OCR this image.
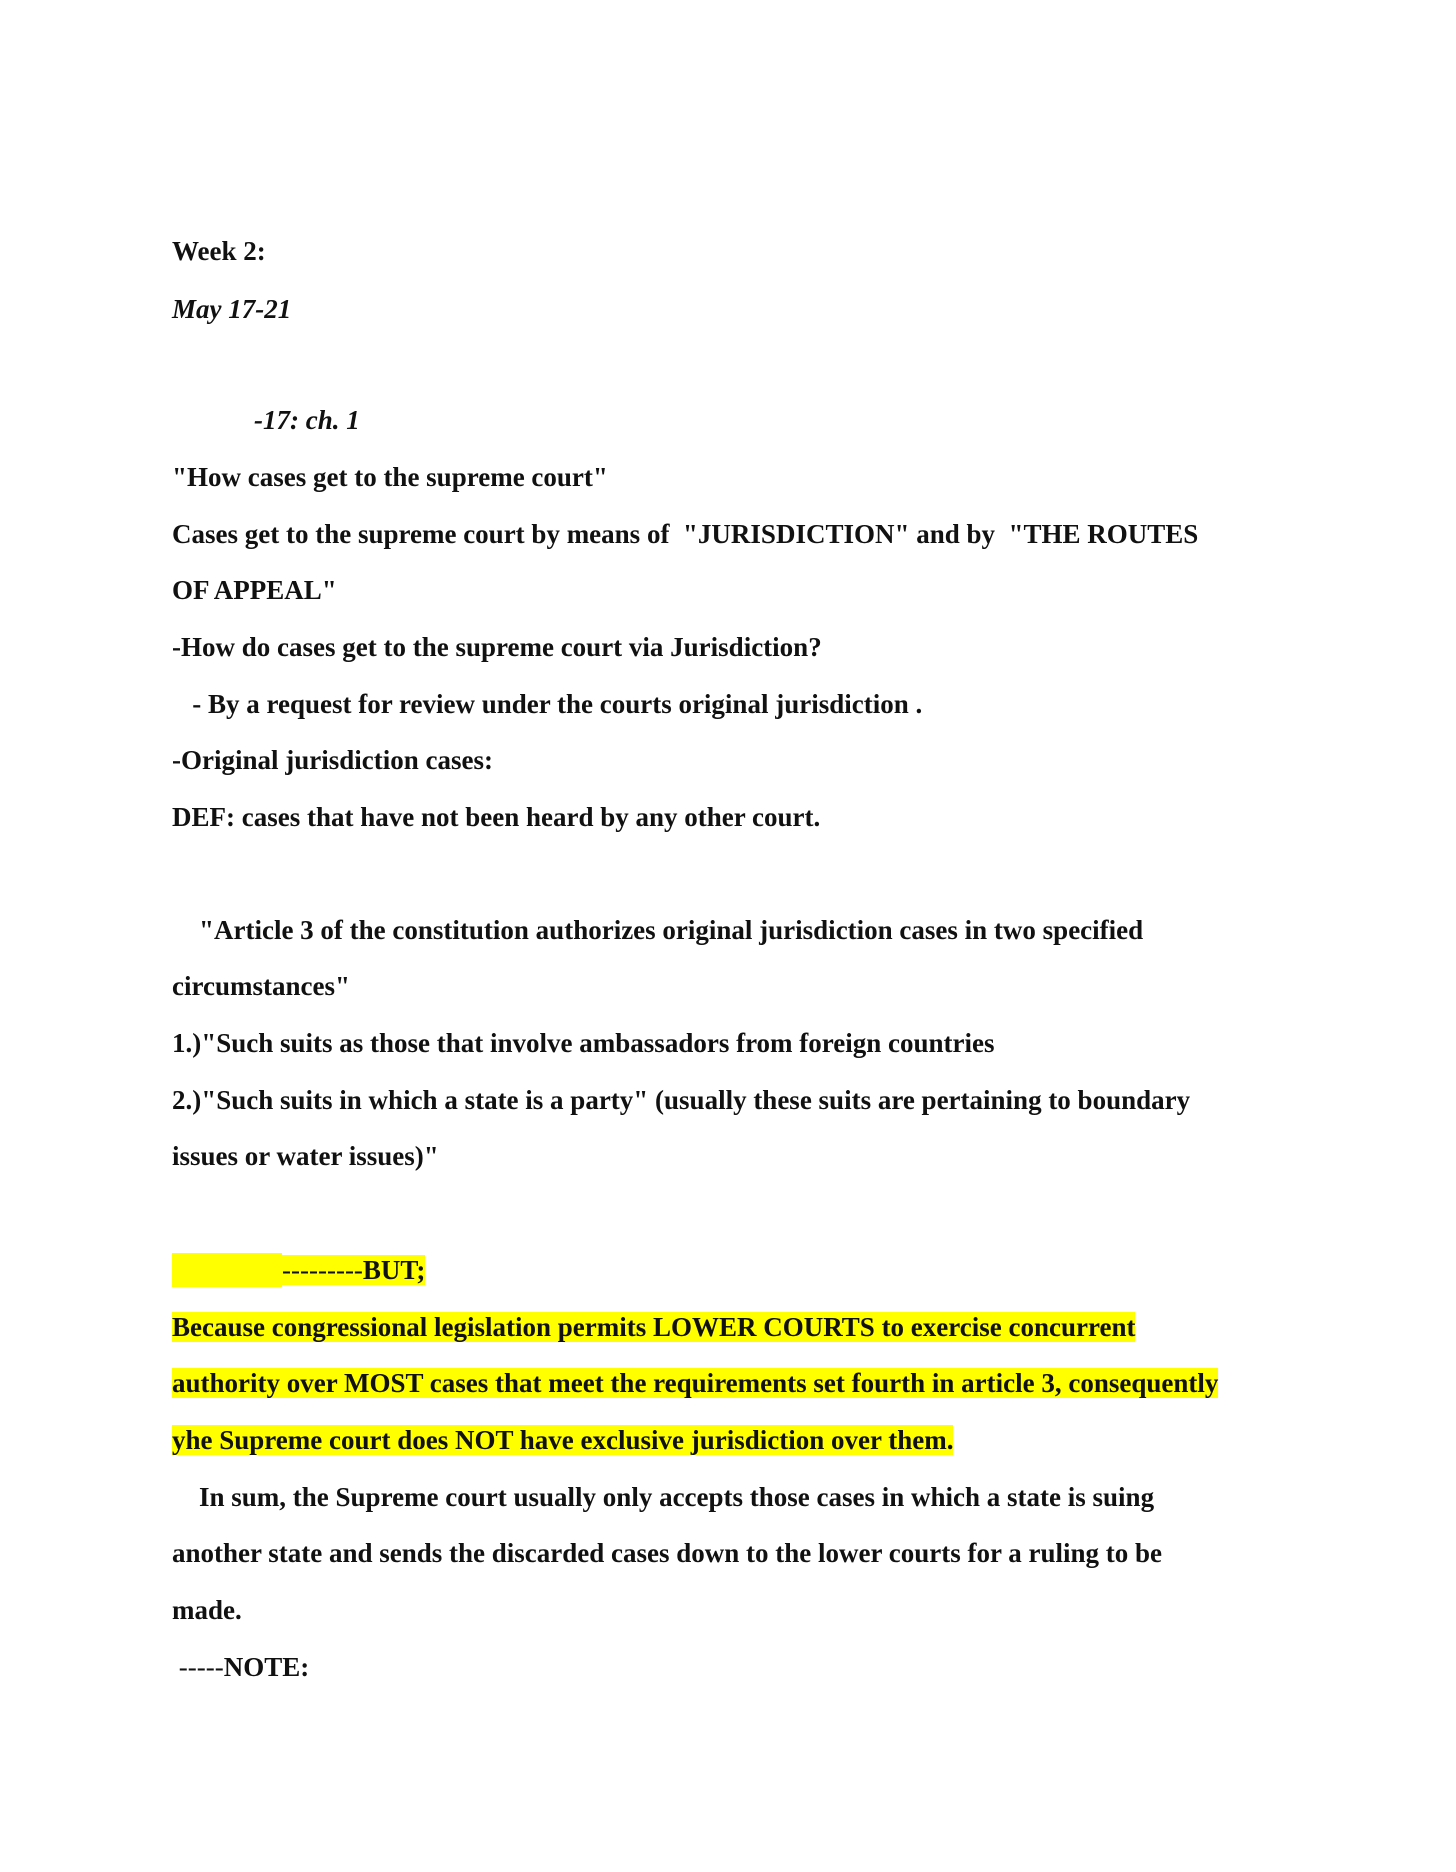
Week 2:
May 17-21
-17: ch. 1
"How cases get to the supreme court"
Cases get to the supreme court by means of  "JURISDICTION" and by  "THE ROUTES
OF APPEAL"
-How do cases get to the supreme court via Jurisdiction?
- By a request for review under the courts original jurisdiction .
-Original jurisdiction cases:
DEF: cases that have not been heard by any other court.
"Article 3 of the constitution authorizes original jurisdiction cases in two specified
circumstances"
1.)"Such suits as those that involve ambassadors from foreign countries
2.)"Such suits in which a state is a party" (usually these suits are pertaining to boundary
issues or water issues)"
---------BUT;
Because congressional legislation permits LOWER COURTS to exercise concurrent
authority over MOST cases that meet the requirements set fourth in article 3, consequently
yhe Supreme court does NOT have exclusive jurisdiction over them.
In sum, the Supreme court usually only accepts those cases in which a state is suing
another state and sends the discarded cases down to the lower courts for a ruling to be
made.
-----NOTE:
